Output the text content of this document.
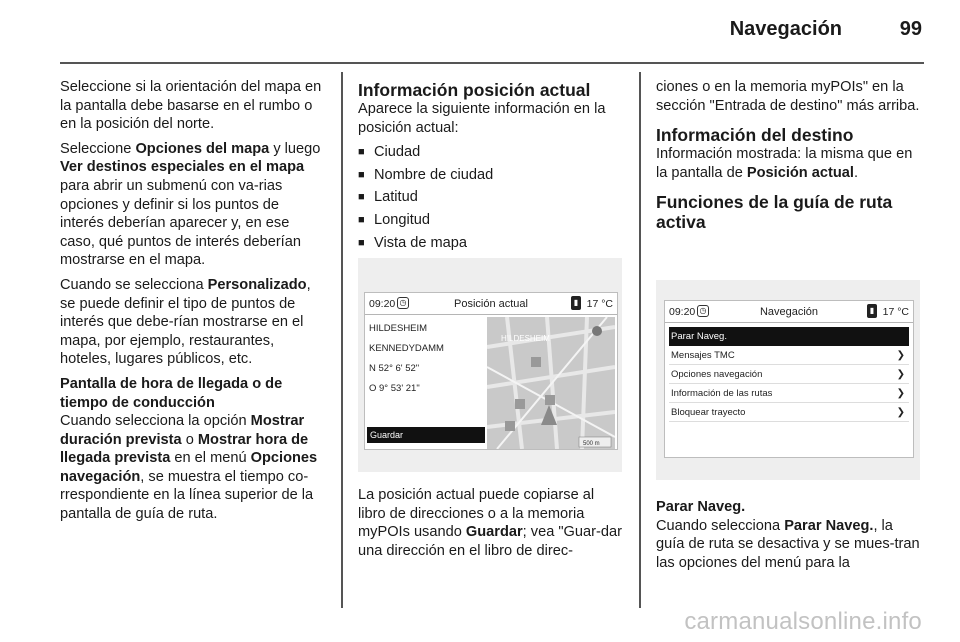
Navegación	99

Seleccione si la orientación del mapa en la pantalla debe basarse en el rumbo o en la posición del norte.

Seleccione Opciones del mapa y luego Ver destinos especiales en el mapa para abrir un submenú con va-rias opciones y definir si los puntos de interés deberían aparecer y, en ese caso, qué puntos de interés deberían mostrarse en el mapa.

Cuando se selecciona Personalizado, se puede definir el tipo de puntos de interés que debe-rían mostrarse en el mapa, por ejemplo, restaurantes, hoteles, lugares públicos, etc.

Pantalla de hora de llegada o de tiempo de conducción

Cuando selecciona la opción Mostrar duración prevista o Mostrar hora de llegada prevista en el menú Opciones navegación, se muestra el tiempo co-rrespondiente en la línea superior de la pantalla de guía de ruta.

Información posición actual

Aparece la siguiente información en la posición actual:

■ Ciudad
■ Nombre de ciudad
■ Latitud
■ Longitud
■ Vista de mapa
09:20 ◷	Posición actual	▮ 17 °C
HILDESHEIM
KENNEDYDAMM
N 52° 6' 52"
O 9° 53' 21"
Guardar
HILDESHEIM
500 m

La posición actual puede copiarse al libro de direcciones o a la memoria myPOIs usando Guardar; vea "Guar-dar una dirección en el libro de direc-

ciones o en la memoria myPOIs" en la sección "Entrada de destino" más arriba.

Información del destino

Información mostrada: la misma que en la pantalla de Posición actual.

Funciones de la guía de ruta activa
09:20 ◷	Navegación	▮ 17 °C
Parar Naveg.
Mensajes TMC	❯
Opciones navegación	❯
Información de las rutas	❯
Bloquear trayecto	❯
Parar Naveg.

Cuando selecciona Parar Naveg., la guía de ruta se desactiva y se mues-tran las opciones del menú para la

carmanualsonline.info
